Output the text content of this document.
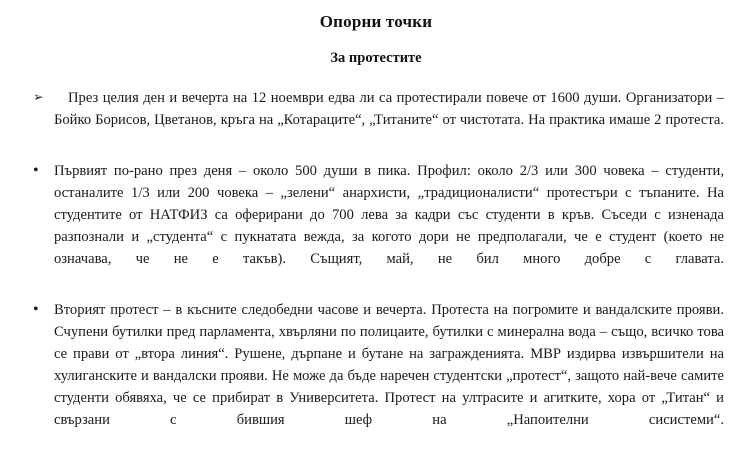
Опорни точки
За протестите
➢	През целия ден и вечерта на 12 ноември едва ли са протестирали повече от 1600 души. Организатори – Бойко Борисов, Цветанов, кръга на „Котараците“, „Титаните“ от чистотата. На практика имаше 2 протеста.
•	Първият по-рано през деня – около 500 души в пика. Профил: около 2/3 или 300 човека – студенти, останалите 1/3 или 200 човека – „зелени“ анархисти, „традиционалисти“ протестъри с тъпаните. На студентите от НАТФИЗ са оферирани до 700 лева за кадри със студенти в кръв. Съседи с изненада разпознали и „студента“ с пукнатата вежда, за когото дори не предполагали, че е студент (което не означава, че не е такъв). Същият, май, не бил много добре с главата.
•	Вторият протест – в късните следобедни часове и вечерта. Протеста на погромите и вандалските прояви. Счупени бутилки пред парламента, хвърляни по полицаите, бутилки с минерална вода – също, всичко това се прави от „втора линия“. Рушене, дърпане и бутане на загражденията. МВР издирва извършители на хулиганските и вандалски прояви. Не може да бъде наречен студентски „протест“, защото най-вече самите студенти обявяха, че се прибират в Университета. Протест на ултрасите и агитките, хора от „Титан“ и свързани с бившия шеф на „Напоителни сисистеми“.
